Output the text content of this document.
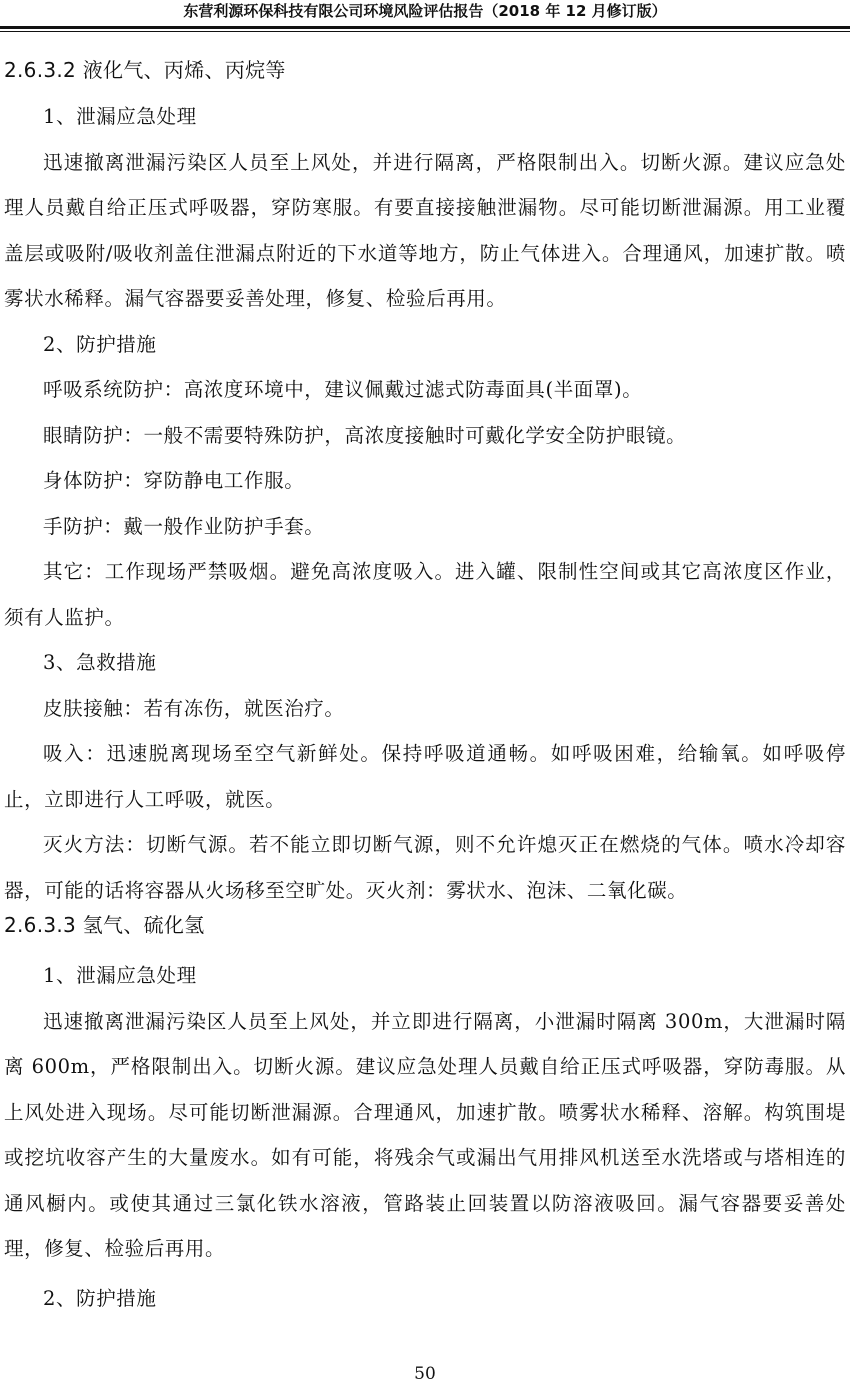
东营利源环保科技有限公司环境风险评估报告（2018 年 12 月修订版）
2.6.3.2 液化气、丙烯、丙烷等

1、泄漏应急处理

迅速撤离泄漏污染区人员至上风处，并进行隔离，严格限制出入。切断火源。建议应急处理人员戴自给正压式呼吸器，穿防寒服。有要直接接触泄漏物。尽可能切断泄漏源。用工业覆盖层或吸附/吸收剂盖住泄漏点附近的下水道等地方，防止气体进入。合理通风，加速扩散。喷雾状水稀释。漏气容器要妥善处理，修复、检验后再用。

2、防护措施

呼吸系统防护：高浓度环境中，建议佩戴过滤式防毒面具(半面罩)。

眼睛防护：一般不需要特殊防护，高浓度接触时可戴化学安全防护眼镜。

身体防护：穿防静电工作服。

手防护：戴一般作业防护手套。

其它：工作现场严禁吸烟。避免高浓度吸入。进入罐、限制性空间或其它高浓度区作业，须有人监护。

3、急救措施

皮肤接触：若有冻伤，就医治疗。

吸入：迅速脱离现场至空气新鲜处。保持呼吸道通畅。如呼吸困难，给输氧。如呼吸停止，立即进行人工呼吸，就医。

灭火方法：切断气源。若不能立即切断气源，则不允许熄灭正在燃烧的气体。喷水冷却容器，可能的话将容器从火场移至空旷处。灭火剂：雾状水、泡沫、二氧化碳。

2.6.3.3 氢气、硫化氢

1、泄漏应急处理

迅速撤离泄漏污染区人员至上风处，并立即进行隔离，小泄漏时隔离 300m，大泄漏时隔离 600m，严格限制出入。切断火源。建议应急处理人员戴自给正压式呼吸器，穿防毒服。从上风处进入现场。尽可能切断泄漏源。合理通风，加速扩散。喷雾状水稀释、溶解。构筑围堤或挖坑收容产生的大量废水。如有可能，将残余气或漏出气用排风机送至水洗塔或与塔相连的通风橱内。或使其通过三氯化铁水溶液，管路装止回装置以防溶液吸回。漏气容器要妥善处理，修复、检验后再用。

2、防护措施

50
